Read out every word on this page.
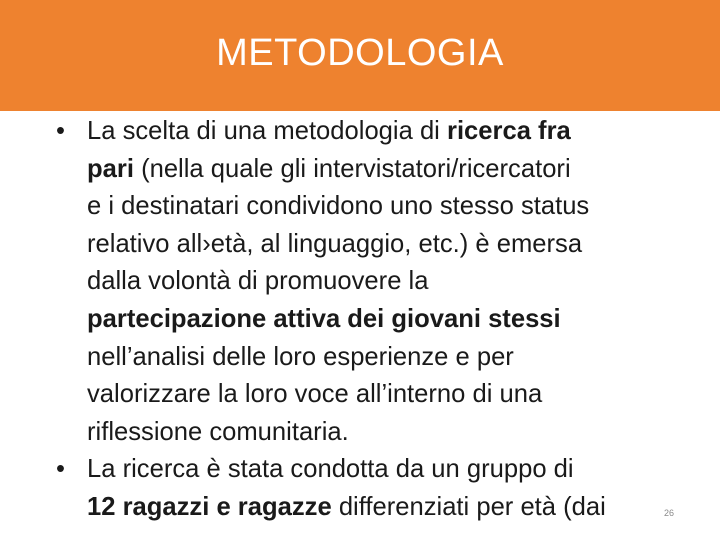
METODOLOGIA
• La scelta di una metodologia di ricerca fra
pari (nella quale gli intervistatori/ricercatori
e i destinatari condividono uno stesso status
relativo all›età, al linguaggio, etc.) è emersa
dalla volontà di promuovere la
partecipazione attiva dei giovani stessi
nell’analisi delle loro esperienze e per
valorizzare la loro voce all’interno di una
riflessione comunitaria.
• La ricerca è stata condotta da un gruppo di
12 ragazzi e ragazze differenziati per età (dai	26
